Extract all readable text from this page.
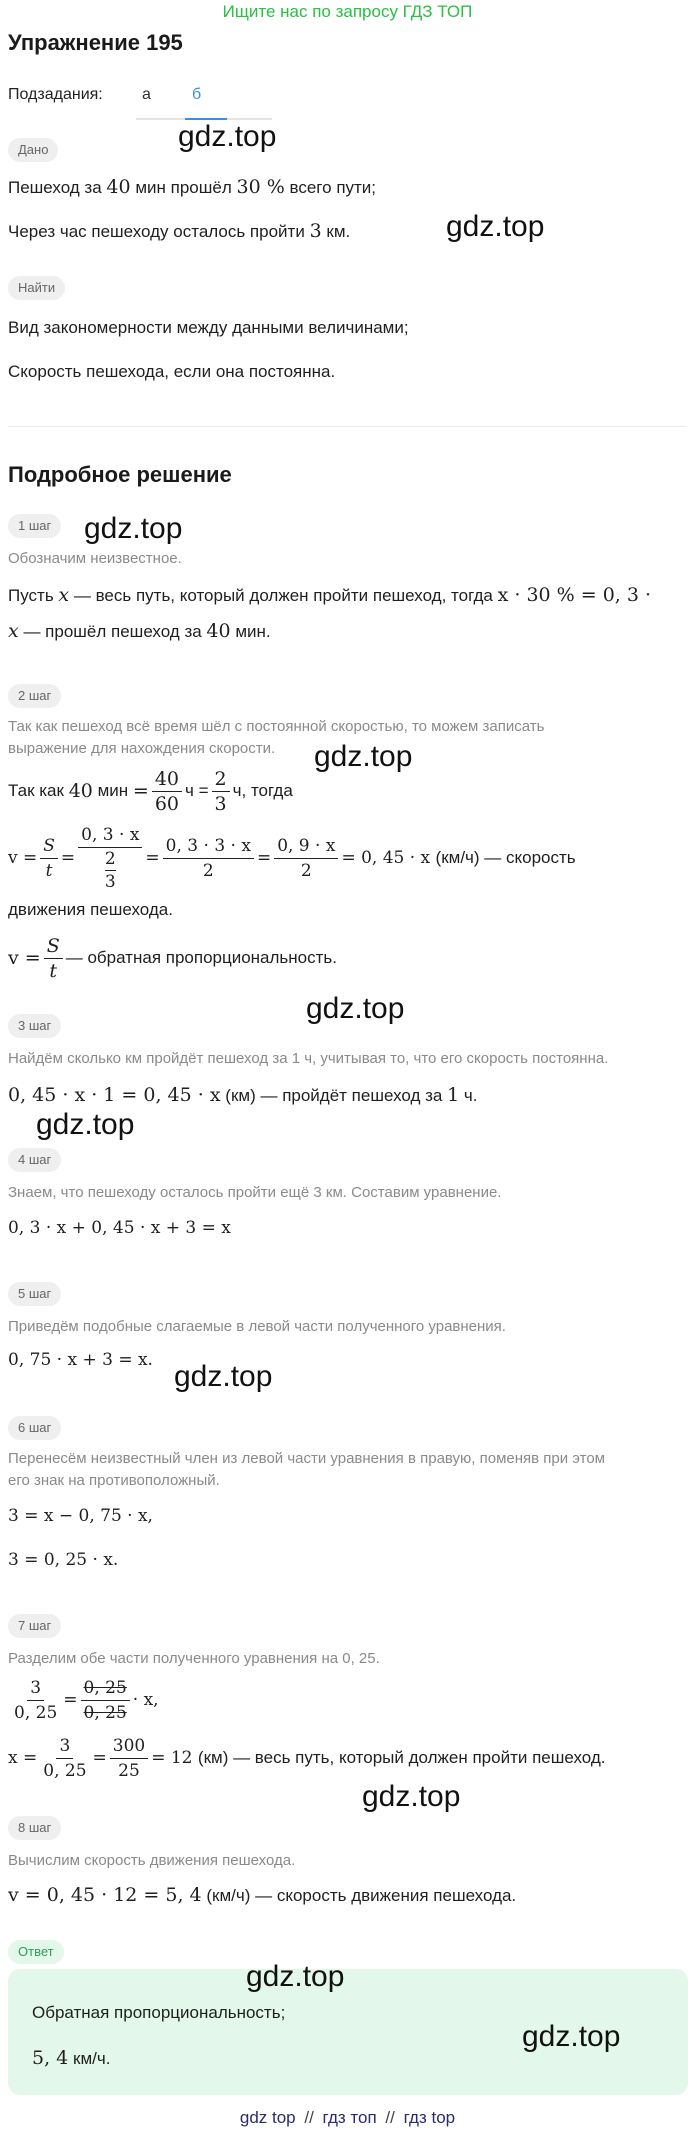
Ищите нас по запросу ГДЗ ТОП
Упражнение 195
Подзадания: а	б
Дано
Пешеход за 40 мин прошёл 30 % всего пути;
Через час пешеходу осталось пройти 3 км.
Найти
Вид закономерности между данными величинами;
Скорость пешехода, если она постоянна.
Подробное решение
1 шаг
Обозначим неизвестное.
Пусть x — весь путь, который должен пройти пешеход, тогда x · 30 % = 0, 3 ·
x — прошёл пешеход за 40 мин.
2 шаг
Так как пешеход всё время шёл с постоянной скоростью, то можем записать
выражение для нахождения скорости.
Так как
40
мин
= $\frac{40}{60}$ $ч = \frac{2}{3} ч$, тогда
$v = \frac{S}{t} = 0$, 3 · x
2
$3 = \frac{0, 3 \cdot 3 \cdot x}{2} = \frac{0, 9 \cdot x}{2} = 0$, 45 · x
(км/ч) — скорость
движения пешехода.
$v = \frac{S}{t}$ — обратная пропорциональность.
3 шаг
Найдём сколько км пройдёт пешеход за 1 ч, учитывая то, что его скорость постоянна.
0, 45 · x · 1 = 0, 45 · x (км) — пройдёт пешеход за 1 ч.
4 шаг
Знаем, что пешеходу осталось пройти ещё 3 км. Составим уравнение.
0, 3 · x + 0, 45 · x + 3 = x
5 шаг
Приведём подобные слагаемые в левой части полученного уравнения.
0, 75 · x + 3 = x.
6 шаг
Перенесём неизвестный член из левой части уравнения в правую, поменяв при этом
его знак на противоположный.
3 = x − 0, 75 · x,
3 = 0, 25 · x.
7 шаг
Разделим обе части полученного уравнения на 0, 25.
$\frac{3}{0, 25} = \frac{0, 25}{0, 25} \cdot x$,
$x = \frac{3}{0, 25} = \frac{300}{25} = 12$
(км) — весь путь, который должен пройти пешеход.
8 шаг
Вычислим скорость движения пешехода.
v = 0, 45 · 12 = 5, 4 (км/ч) — скорость движения пешехода.
Ответ
Обратная пропорциональность;
5, 4 км/ч.
gdz.top
gdz.top
gdz.top
gdz.top
gdz.top
gdz.top
gdz.top
gdz.top
gdz.top
gdz.top
gdz top // гдз топ // гдз top
